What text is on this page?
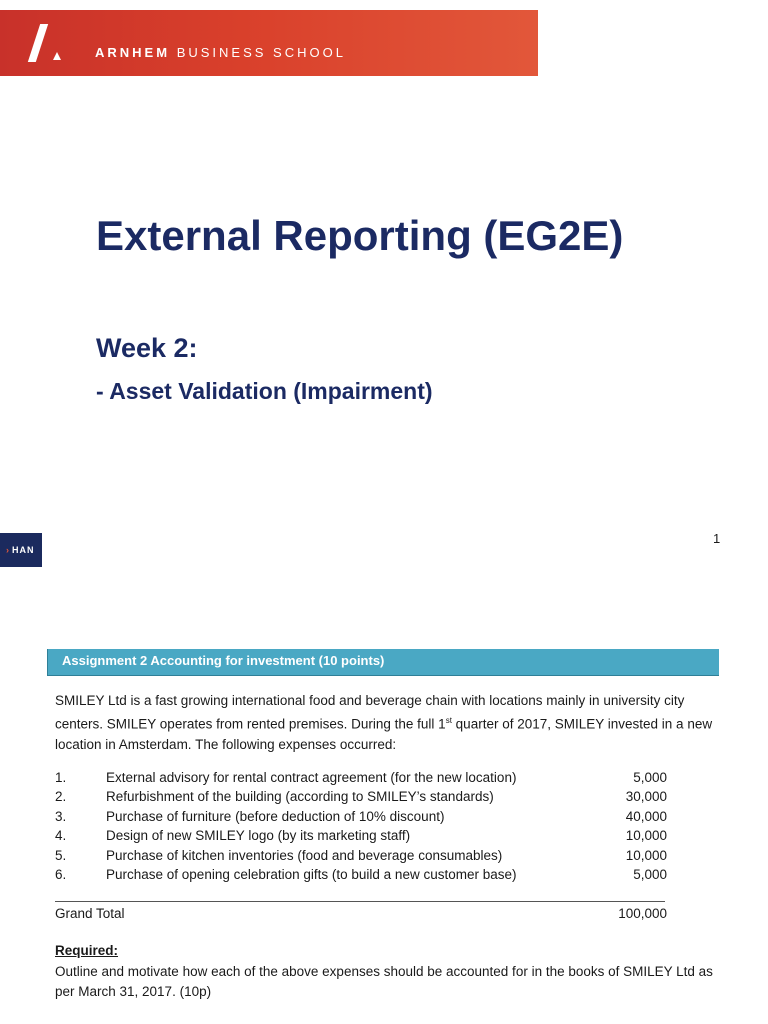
ARNHEM BUSINESS SCHOOL
External Reporting (EG2E)
Week 2:
- Asset Validation (Impairment)
› HAN
1
Assignment 2 Accounting for investment (10 points)

SMILEY Ltd is a fast growing international food and beverage chain with locations mainly in university city centers. SMILEY operates from rented premises. During the full 1st quarter of 2017, SMILEY invested in a new location in Amsterdam. The following expenses occurred:

1.	External advisory for rental contract agreement (for the new location)	5,000
2.	Refurbishment of the building (according to SMILEY’s standards)	30,000
3.	Purchase of furniture (before deduction of 10% discount)	40,000
4.	Design of new SMILEY logo (by its marketing staff)	10,000
5.	Purchase of kitchen inventories (food and beverage consumables)	10,000
6.	Purchase of opening celebration gifts (to build a new customer base)	5,000
Grand Total	100,000
Required:

Outline and motivate how each of the above expenses should be accounted for in the books of SMILEY Ltd as per March 31, 2017. (10p)
